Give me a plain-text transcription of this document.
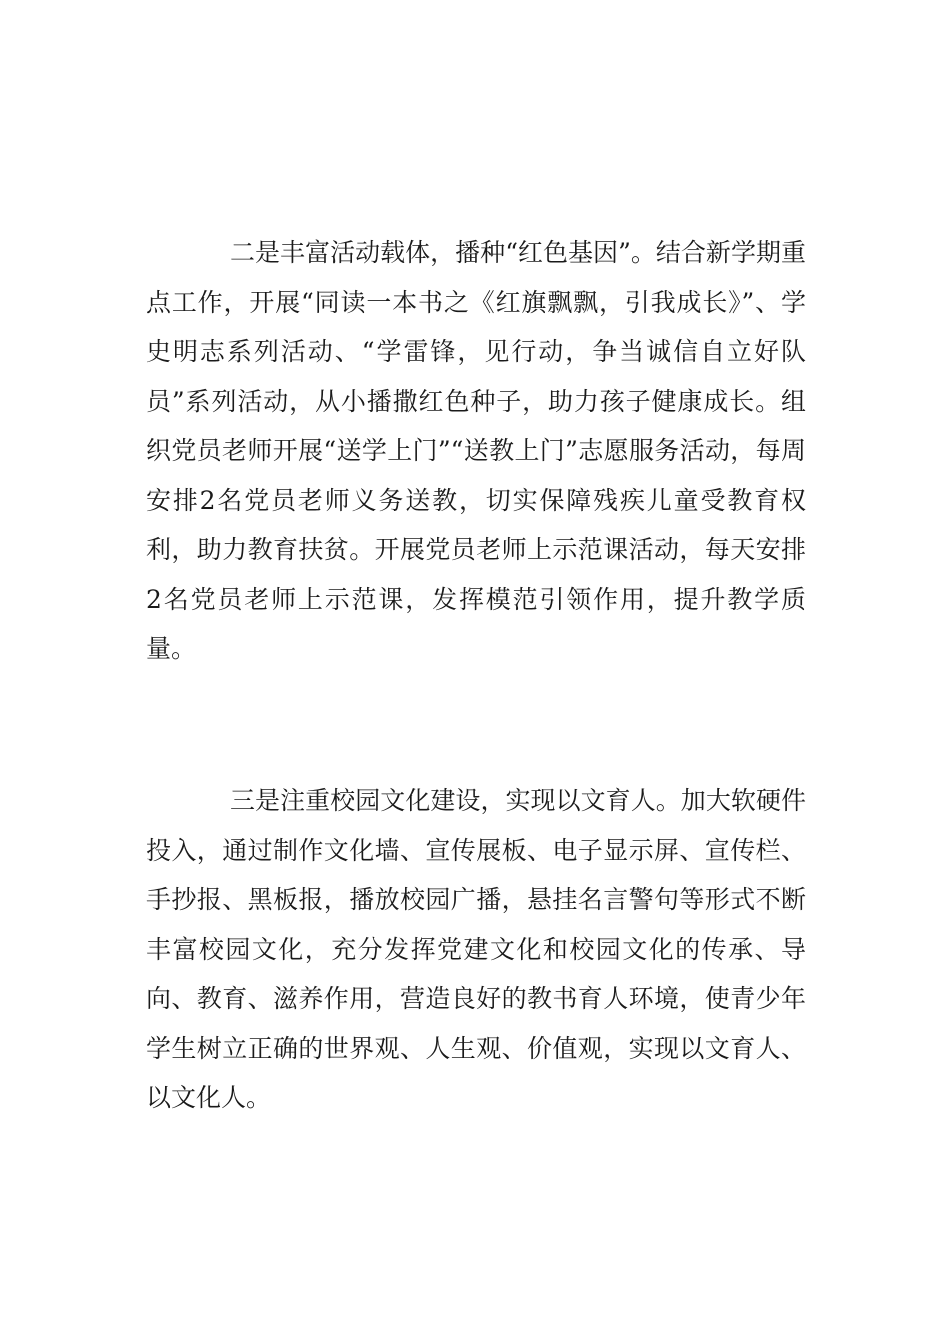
二是丰富活动载体，播种“红色基因”。结合新学期重点工作，开展“同读一本书之《红旗飘飘，引我成长》”、学史明志系列活动、“学雷锋，见行动，争当诚信自立好队员”系列活动，从小播撒红色种子，助力孩子健康成长。组织党员老师开展“送学上门”“送教上门”志愿服务活动，每周安排2名党员老师义务送教，切实保障残疾儿童受教育权利，助力教育扶贫。开展党员老师上示范课活动，每天安排2名党员老师上示范课，发挥模范引领作用，提升教学质量。

三是注重校园文化建设，实现以文育人。加大软硬件投入，通过制作文化墙、宣传展板、电子显示屏、宣传栏、手抄报、黑板报，播放校园广播，悬挂名言警句等形式不断丰富校园文化，充分发挥党建文化和校园文化的传承、导向、教育、滋养作用，营造良好的教书育人环境，使青少年学生树立正确的世界观、人生观、价值观，实现以文育人、以文化人。
